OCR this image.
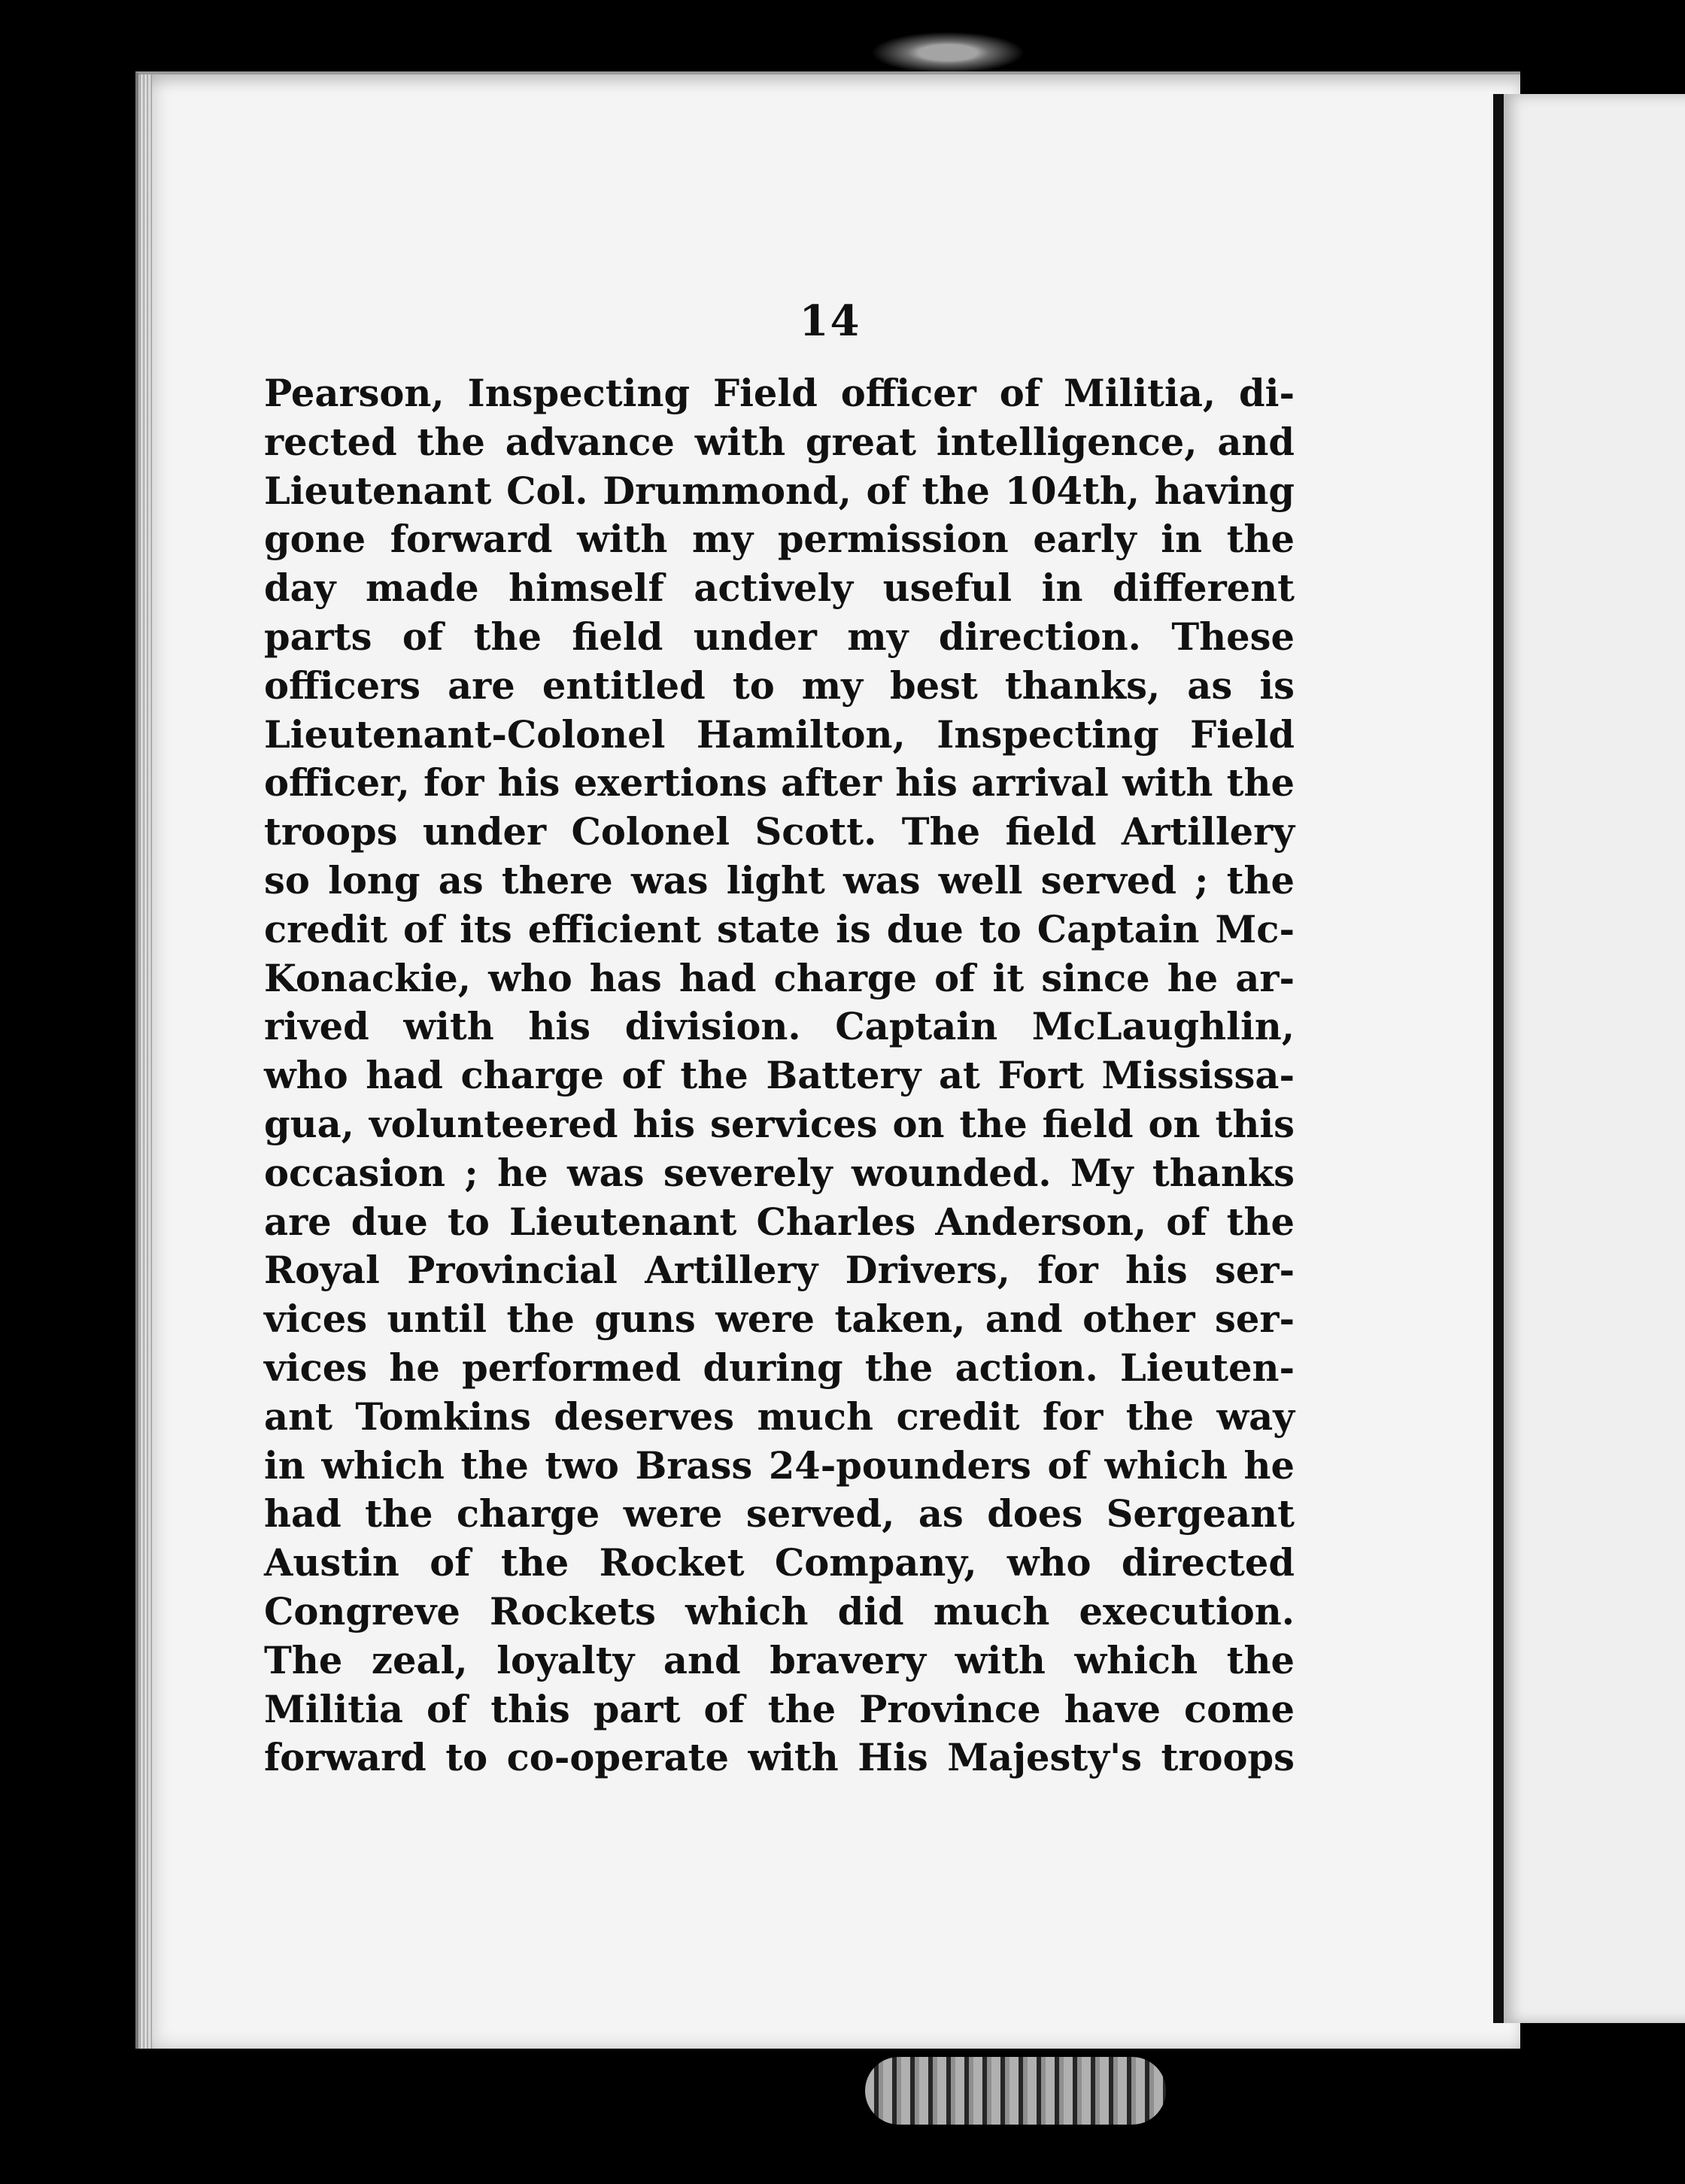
14
Pearson, Inspecting Field officer of Militia, di-
rected the advance with great intelligence, and
Lieutenant Col. Drummond, of the 104th, having
gone forward with my permission early in the
day made himself actively useful in different
parts of the field under my direction. These
officers are entitled to my best thanks, as is
Lieutenant-Colonel Hamilton, Inspecting Field
officer, for his exertions after his arrival with the
troops under Colonel Scott. The field Artillery
so long as there was light was well served ; the
credit of its efficient state is due to Captain Mc-
Konackie, who has had charge of it since he ar-
rived with his division. Captain McLaughlin,
who had charge of the Battery at Fort Mississa-
gua, volunteered his services on the field on this
occasion ; he was severely wounded. My thanks
are due to Lieutenant Charles Anderson, of the
Royal Provincial Artillery Drivers, for his ser-
vices until the guns were taken, and other ser-
vices he performed during the action. Lieuten-
ant Tomkins deserves much credit for the way
in which the two Brass 24-pounders of which he
had the charge were served, as does Sergeant
Austin of the Rocket Company, who directed
Congreve Rockets which did much execution.
The zeal, loyalty and bravery with which the
Militia of this part of the Province have come
forward to co-operate with His Majesty's troops
